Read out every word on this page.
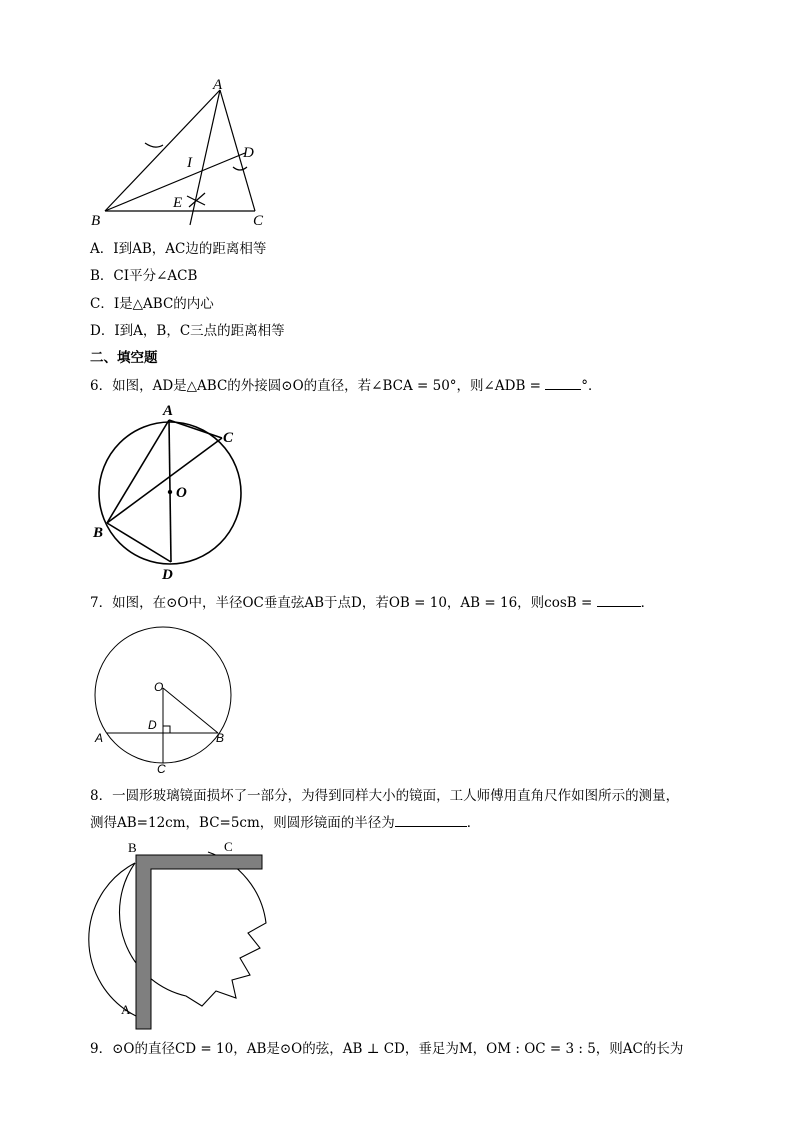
A
B	C
D
E
I
A．I到AB，AC边的距离相等
B．CI平分∠ACB
C．I是△ABC的内心
D．I到A，B，C三点的距离相等
二、填空题
6．如图，AD是△ABC的外接圆⊙O的直径，若∠BCA = 50°，则∠ADB =	°．
A
B
C
D
O
7．如图，在⊙O中，半径OC垂直弦AB于点D，若OB = 10，AB = 16，则cosB =	．
O
D
A	B
C
8．一圆形玻璃镜面损坏了一部分，为得到同样大小的镜面，工人师傅用直角尺作如图所示的测量，
测得AB=12cm，BC=5cm，则圆形镜面的半径为	．
B	C
A
9．⊙O的直径CD = 10，AB是⊙O的弦，AB ⊥ CD，垂足为M，OM : OC = 3 : 5，则AC的长为
